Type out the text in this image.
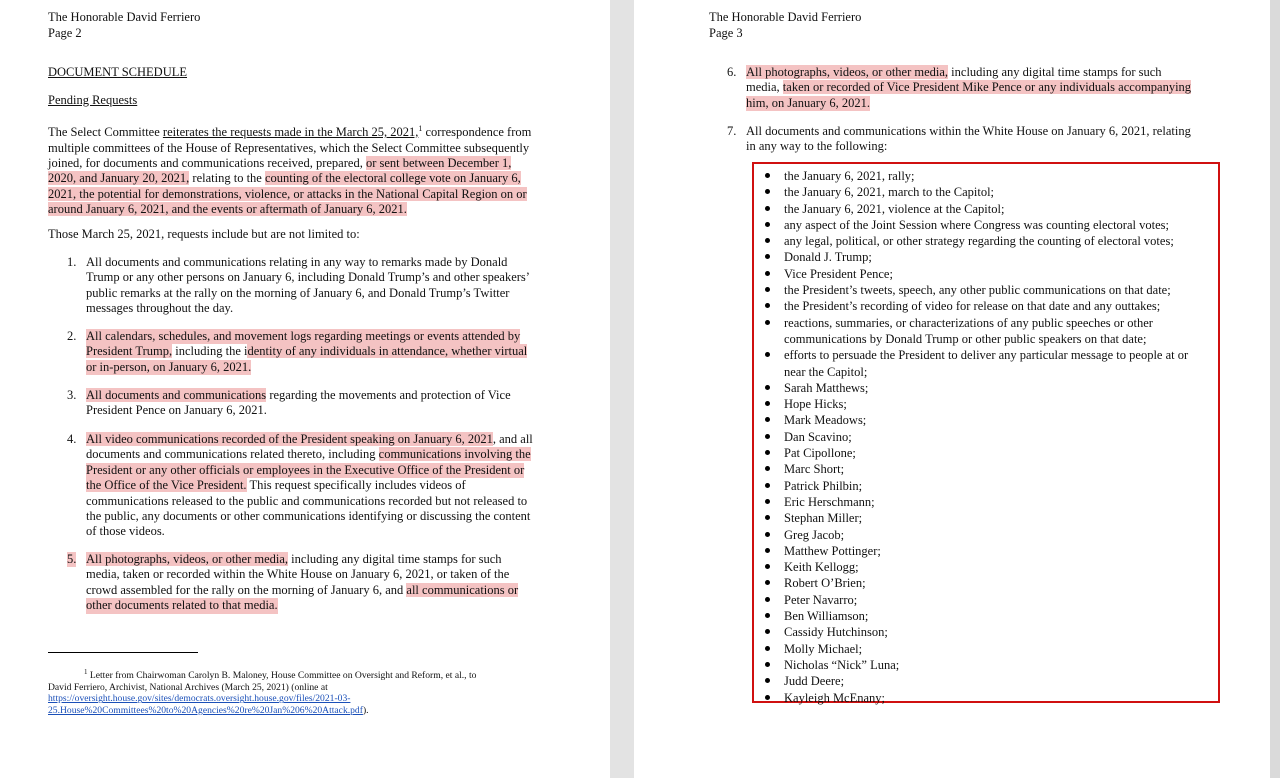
The Honorable David Ferriero
Page 2
DOCUMENT SCHEDULE
Pending Requests
The Select Committee reiterates the requests made in the March 25, 2021,$^1$ correspondence from
multiple committees of the House of Representatives, which the Select Committee subsequently
joined, for documents and communications received, prepared, or sent between December 1,
2020, and January 20, 2021, relating to the counting of the electoral college vote on January 6,
2021, the potential for demonstrations, violence, or attacks in the National Capital Region on or
around January 6, 2021, and the events or aftermath of January 6, 2021.
Those March 25, 2021, requests include but are not limited to:
1. All documents and communications relating in any way to remarks made by Donald
Trump or any other persons on January 6, including Donald Trump’s and other speakers’
public remarks at the rally on the morning of January 6, and Donald Trump’s Twitter
messages throughout the day.
2. All calendars, schedules, and movement logs regarding meetings or events attended by
President Trump, including the identity of any individuals in attendance, whether virtual
or in-person, on January 6, 2021.
3. All documents and communications regarding the movements and protection of Vice
President Pence on January 6, 2021.
4. All video communications recorded of the President speaking on January 6, 2021, and all
documents and communications related thereto, including communications involving the
President or any other officials or employees in the Executive Office of the President or
the Office of the Vice President. This request specifically includes videos of
communications released to the public and communications recorded but not released to
the public, any documents or other communications identifying or discussing the content
of those videos.
5. All photographs, videos, or other media, including any digital time stamps for such
media, taken or recorded within the White House on January 6, 2021, or taken of the
crowd assembled for the rally on the morning of January 6, and all communications or
other documents related to that media.
$^1$ Letter from Chairwoman Carolyn B. Maloney, House Committee on Oversight and Reform, et al., to
David Ferriero, Archivist, National Archives (March 25, 2021) (online at
https://oversight.house.gov/sites/democrats.oversight.house.gov/files/2021-03-
25.House%20Committees%20to%20Agencies%20re%20Jan%206%20Attack.pdf).
The Honorable David Ferriero
Page 3
6. All photographs, videos, or other media, including any digital time stamps for such
media, taken or recorded of Vice President Mike Pence or any individuals accompanying
him, on January 6, 2021.
7. All documents and communications within the White House on January 6, 2021, relating
in any way to the following:
the January 6, 2021, rally;
the January 6, 2021, march to the Capitol;
the January 6, 2021, violence at the Capitol;
any aspect of the Joint Session where Congress was counting electoral votes;
any legal, political, or other strategy regarding the counting of electoral votes;
Donald J. Trump;
Vice President Pence;
the President’s tweets, speech, any other public communications on that date;
the President’s recording of video for release on that date and any outtakes;
reactions, summaries, or characterizations of any public speeches or other communications by Donald Trump or other public speakers on that date;
efforts to persuade the President to deliver any particular message to people at or near the Capitol;
Sarah Matthews;
Hope Hicks;
Mark Meadows;
Dan Scavino;
Pat Cipollone;
Marc Short;
Patrick Philbin;
Eric Herschmann;
Stephan Miller;
Greg Jacob;
Matthew Pottinger;
Keith Kellogg;
Robert O’Brien;
Peter Navarro;
Ben Williamson;
Cassidy Hutchinson;
Molly Michael;
Nicholas “Nick” Luna;
Judd Deere;
Kayleigh McEnany;
